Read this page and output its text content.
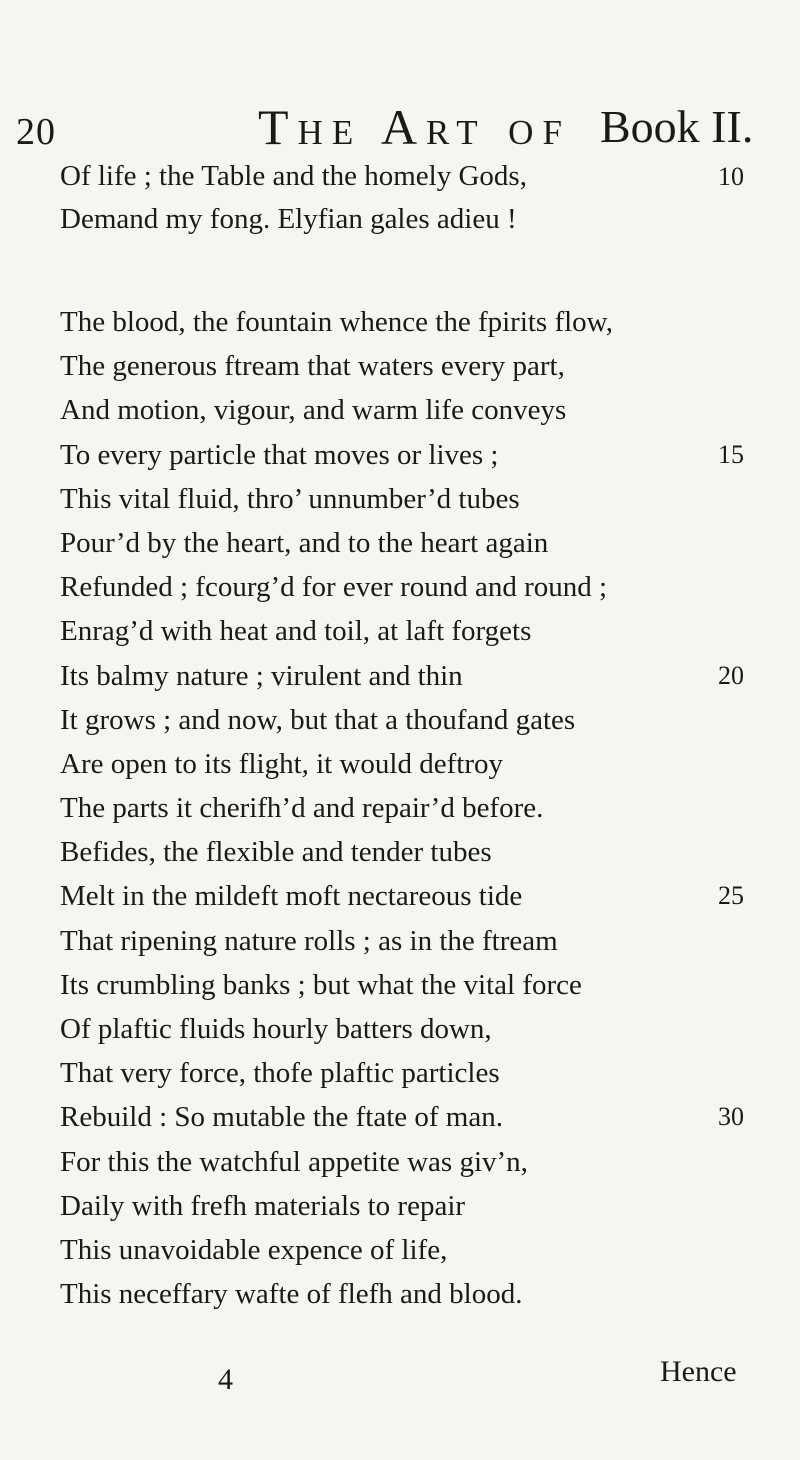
20	The Art of Book II.
Of life ; the Table and the homely Gods,	10
Demand my fong. Elyfian gales adieu !
The blood, the fountain whence the fpirits flow,
The generous ftream that waters every part,
And motion, vigour, and warm life conveys
To every particle that moves or lives ;	15
This vital fluid, thro’ unnumber’d tubes
Pour’d by the heart, and to the heart again
Refunded ; fcourg’d for ever round and round ;
Enrag’d with heat and toil, at laft forgets
Its balmy nature ; virulent and thin	20
It grows ; and now, but that a thoufand gates
Are open to its flight, it would deftroy
The parts it cherifh’d and repair’d before.
Befides, the flexible and tender tubes
Melt in the mildeft moft nectareous tide	25
That ripening nature rolls ; as in the ftream
Its crumbling banks ; but what the vital force
Of plaftic fluids hourly batters down,
That very force, thofe plaftic particles
Rebuild : So mutable the ftate of man.	30
For this the watchful appetite was giv’n,
Daily with frefh materials to repair
This unavoidable expence of life,
This neceffary wafte of flefh and blood.
4	Hence
